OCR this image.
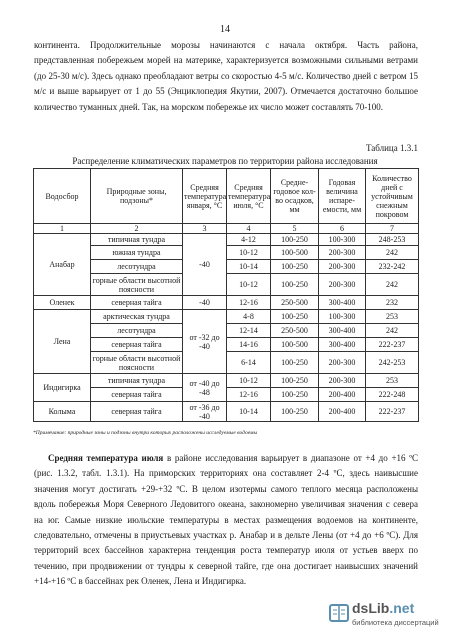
14
континента. Продолжительные морозы начинаются с начала октября. Часть района, представленная побережьем морей на материке, характеризуется возможными сильными ветрами (до 25-30 м/с). Здесь однако преобладают ветры со скоростью 4-5 м/с. Количество дней с ветром 15 м/с и выше варьирует от 1 до 55 (Энциклопедия Якутии, 2007). Отмечается достаточно большое количество туманных дней. Так, на морском побережье их число может составлять 70-100.
Таблица 1.3.1
Распределение климатических параметров по территории района исследования
Водосбор	Природные зоны, подзоны*	Средняя температура января, °С	Средняя температура июля, °С	Средне-годовое кол-во осадков, мм	Годовая величина испаре-емости, мм	Количество дней с устойчивым снежным покровом
1	2	3	4	5	6	7
Анабар	типичная тундра	-40	4-12	100-250	100-300	248-253
	южная тундра		10-12	100-500	200-300	242
	лесотундра		10-14	100-250	200-300	232-242
	горные области высотной поясности		10-12	100-250	200-300	242
Оленек	северная тайга	-40	12-16	250-500	300-400	232
Лена	арктическая тундра	от -32 до -40	4-8	100-250	100-300	253
	лесотундра		12-14	250-500	300-400	242
	северная тайга		14-16	100-500	300-400	222-237
	горные области высотной поясности		6-14	100-250	200-300	242-253
Индигирка	типичная тундра	от -40 до -48	10-12	100-250	200-300	253
	северная тайга		12-16	100-250	200-400	222-248
Колыма	северная тайга	от -36 до -40	10-14	100-250	200-400	222-237
*Примечание: природные зоны и подзоны внутри которых расположены исследуемые водоемы
Средняя температура июля в районе исследования варьирует в диапазоне от +4 до +16 ºС (рис. 1.3.2, табл. 1.3.1). На приморских территориях она составляет 2-4 ºС, здесь наивысшие значения могут достигать +29-+32 ºС. В целом изотермы самого теплого месяца расположены вдоль побережья Моря Северного Ледовитого океана, закономерно увеличивая значения с севера на юг. Самые низкие июльские температуры в местах размещения водоемов на континенте, следовательно, отмечены в приустьевых участках р. Анабар и в дельте Лены (от +4 до +6 ºС). Для территорий всех бассейнов характерна тенденция роста температур июля от устьев вверх по течению, при продвижении от тундры к северной тайге, где она достигает наивысших значений +14-+16 ºС в бассейнах рек Оленек, Лена и Индигирка.
dsLib.net
библиотека диссертаций
